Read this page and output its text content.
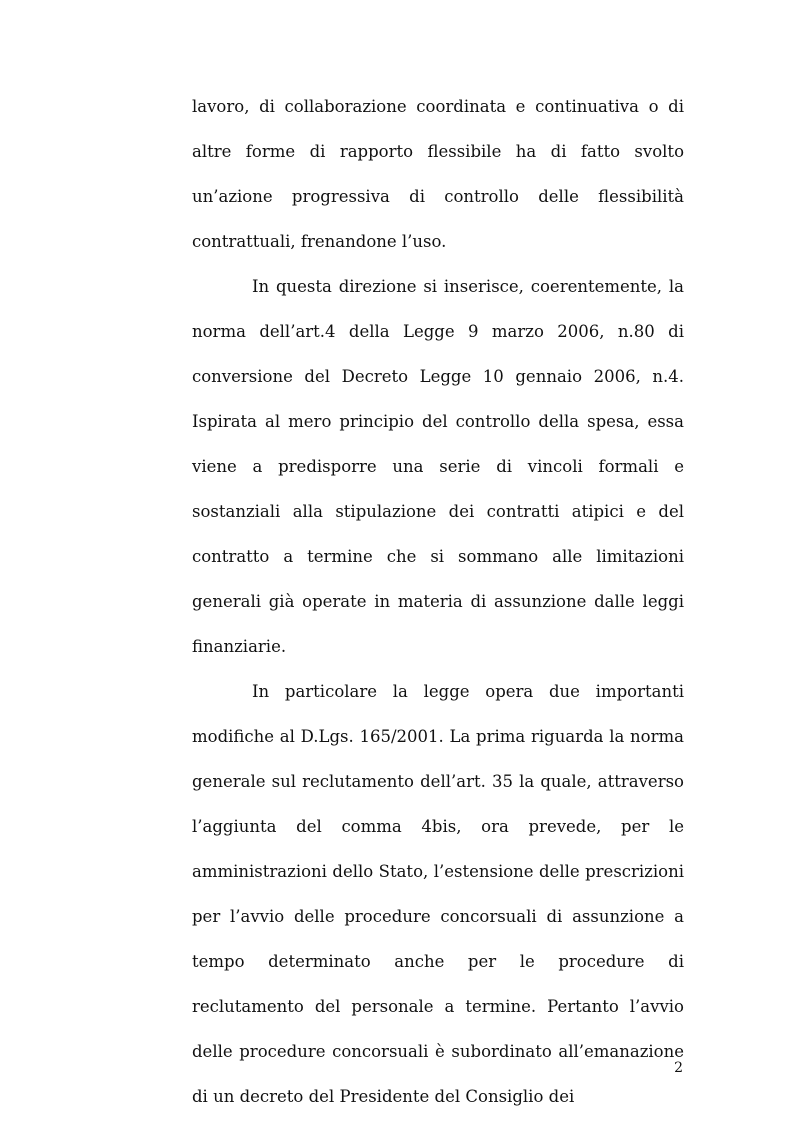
lavoro, di collaborazione coordinata e continuativa o di altre forme di rapporto flessibile ha di fatto svolto un’azione progressiva di controllo delle flessibilità contrattuali, frenandone l’uso.

In questa direzione si inserisce, coerentemente, la norma dell’art.4 della Legge 9 marzo 2006, n.80 di conversione del Decreto Legge 10 gennaio 2006, n.4. Ispirata al mero principio del controllo della spesa, essa viene a predisporre una serie di vincoli formali e sostanziali alla stipulazione dei contratti atipici e del contratto a termine che si sommano alle limitazioni generali già operate in materia di assunzione dalle leggi finanziarie.

In particolare la legge opera due importanti modifiche al D.Lgs. 165/2001. La prima riguarda la norma generale sul reclutamento dell’art. 35 la quale, attraverso l’aggiunta del comma 4bis, ora prevede, per le amministrazioni dello Stato, l’estensione delle prescrizioni per l’avvio delle procedure concorsuali di assunzione a tempo determinato anche per le procedure di reclutamento del personale a termine. Pertanto l’avvio delle procedure concorsuali è subordinato all’emanazione di un decreto del Presidente del Consiglio dei

2
